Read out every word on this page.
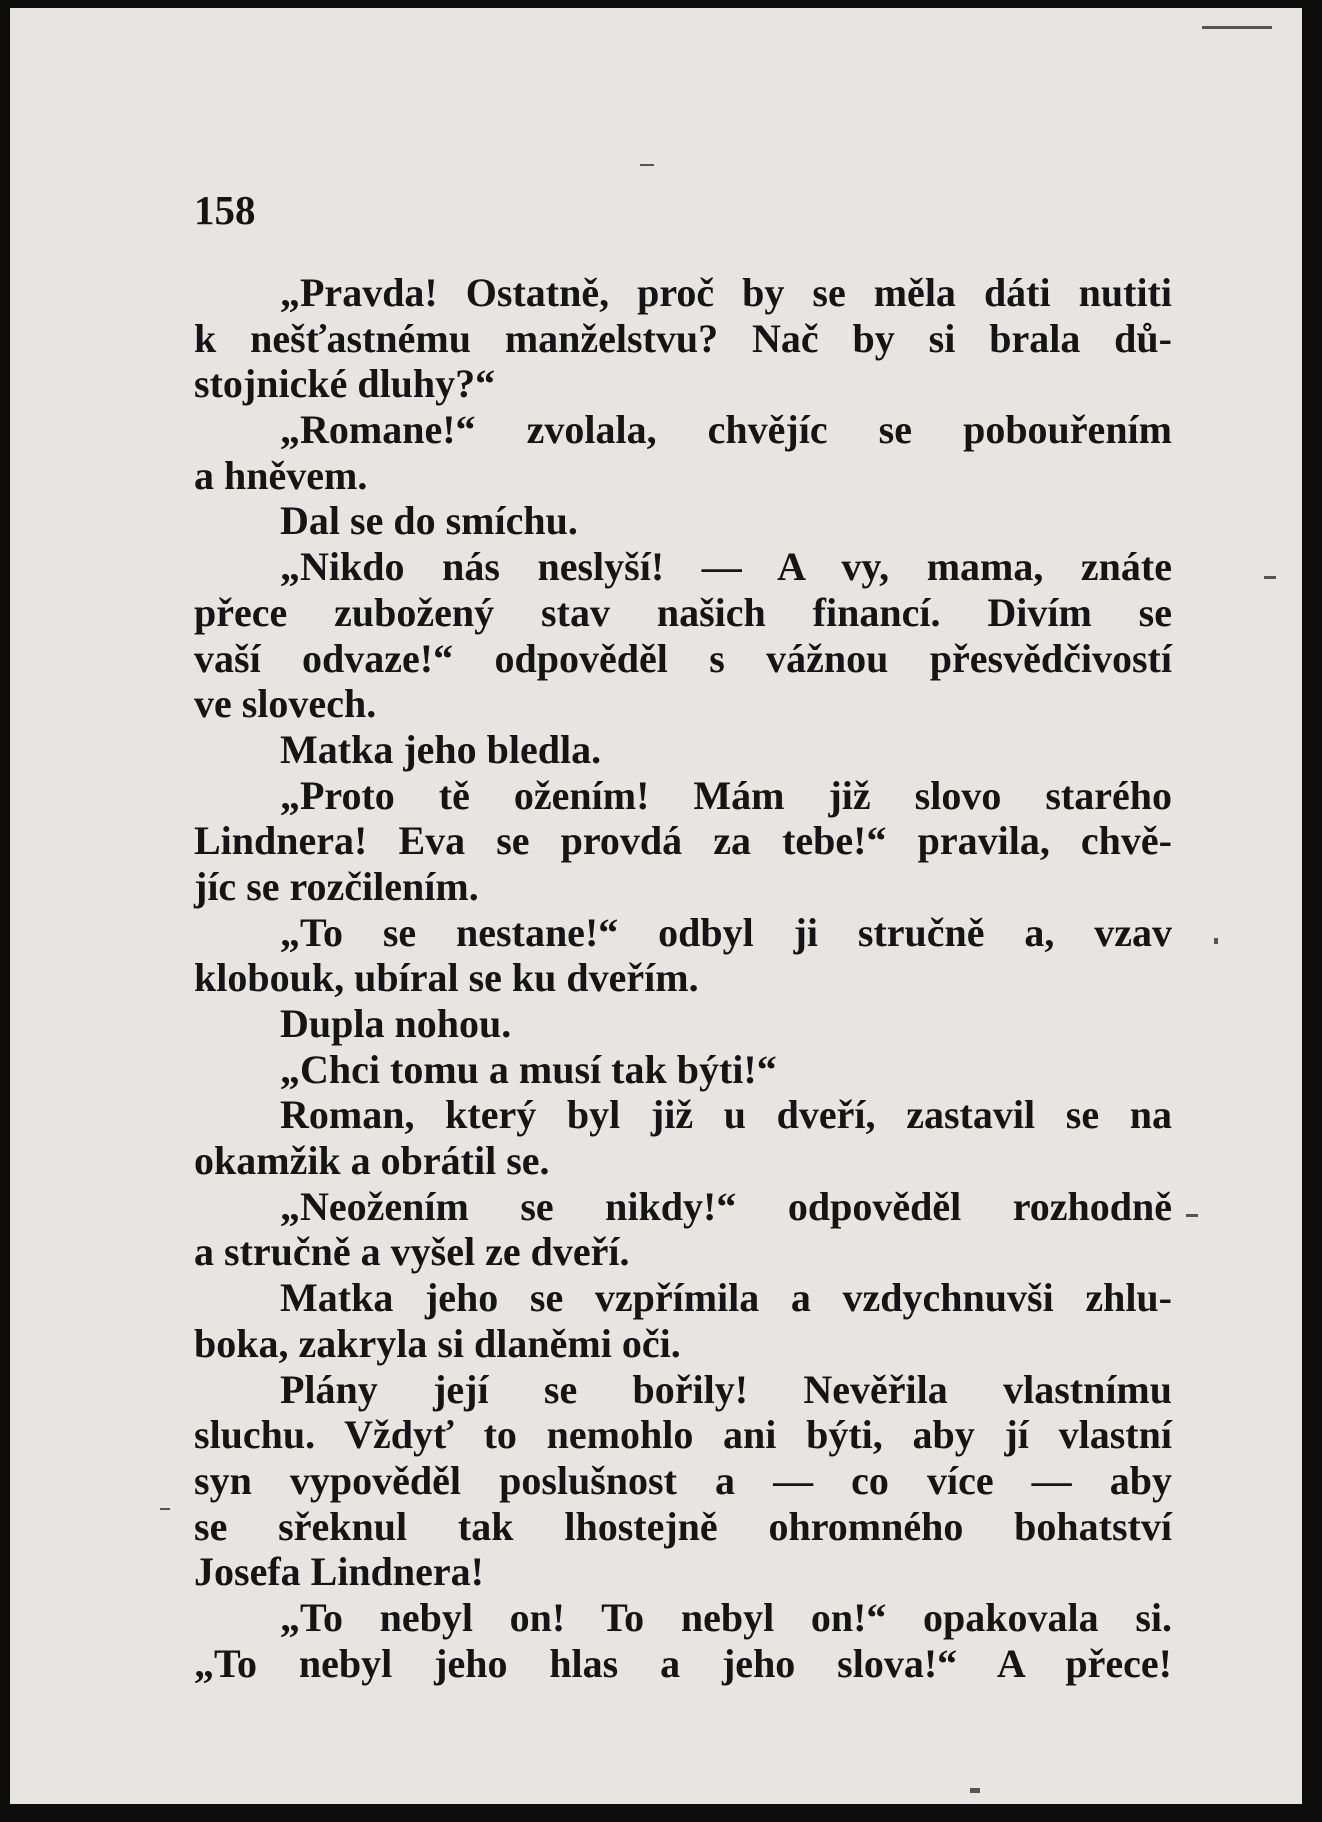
158
„Pravda! Ostatně, proč by se měla dáti nutiti
k nešťastnému manželstvu? Nač by si brala dů-
stojnické dluhy?“
„Romane!“ zvolala, chvějíc se pobouřením
a hněvem.
Dal se do smíchu.
„Nikdo nás neslyší! — A vy, mama, znáte
přece zubožený stav našich financí. Divím se
vaší odvaze!“ odpověděl s vážnou přesvědčivostí
ve slovech.
Matka jeho bledla.
„Proto tě ožením! Mám již slovo starého
Lindnera! Eva se provdá za tebe!“ pravila, chvě-
jíc se rozčilením.
„To se nestane!“ odbyl ji stručně a, vzav
klobouk, ubíral se ku dveřím.
Dupla nohou.
„Chci tomu a musí tak býti!“
Roman, který byl již u dveří, zastavil se na
okamžik a obrátil se.
„Neožením se nikdy!“ odpověděl rozhodně
a stručně a vyšel ze dveří.
Matka jeho se vzpřímila a vzdychnuvši zhlu-
boka, zakryla si dlaněmi oči.
Plány její se bořily! Nevěřila vlastnímu
sluchu. Vždyť to nemohlo ani býti, aby jí vlastní
syn vypověděl poslušnost a — co více — aby
se sřeknul tak lhostejně ohromného bohatství
Josefa Lindnera!
„To nebyl on! To nebyl on!“ opakovala si.
„To nebyl jeho hlas a jeho slova!“ A přece!
